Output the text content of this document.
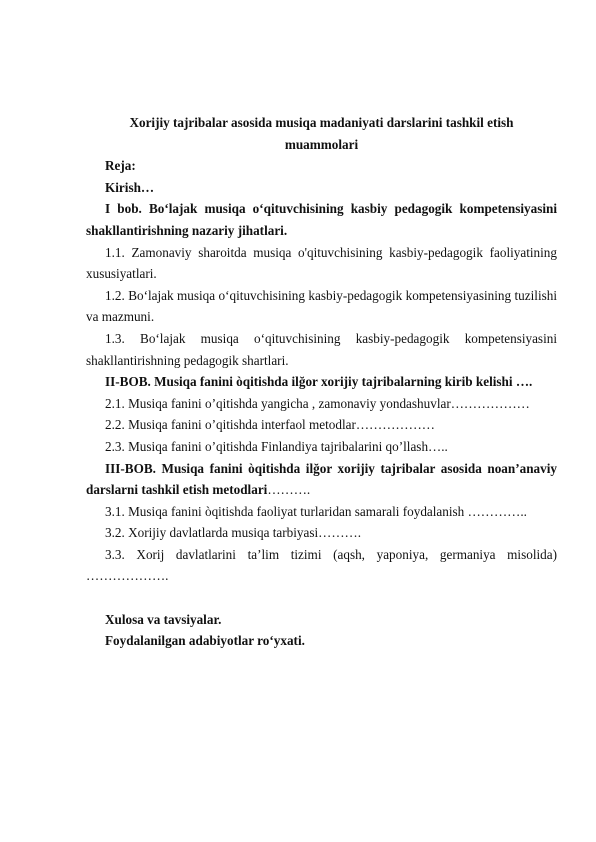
Xorijiy tajribalar asosida musiqa madaniyati darslarini tashkil etish
muammolari

Reja:

Kirish…

I bob. Bo‘lajak musiqa o‘qituvchisining kasbiy pedagogik kompetensiyasini shakllantirishning nazariy jihatlari.

1.1. Zamonaviy sharoitda musiqa o'qituvchisining kasbiy-pedagogik faoliyatining xususiyatlari.

1.2. Bo‘lajak musiqa o‘qituvchisining kasbiy-pedagogik kompetensiyasining tuzilishi va mazmuni.

1.3. Bo‘lajak musiqa o‘qituvchisining kasbiy-pedagogik kompetensiyasini shakllantirishning pedagogik shartlari.

II-BOB. Musiqa fanini òqitishda ilğor xorijiy tajribalarning kirib kelishi ….

2.1. Musiqa fanini o’qitishda yangicha , zamonaviy yondashuvlar………………

2.2. Musiqa fanini o’qitishda interfaol metodlar………………

2.3. Musiqa fanini o’qitishda Finlandiya tajribalarini qo’llash…..

III-BOB. Musiqa fanini òqitishda ilğor xorijiy tajribalar asosida noan’anaviy darslarni tashkil etish metodlari……….

3.1. Musiqa fanini òqitishda faoliyat turlaridan samarali foydalanish …………..

3.2. Xorijiy davlatlarda musiqa tarbiyasi……….

3.3. Xorij davlatlarini ta’lim tizimi (aqsh, yaponiya, germaniya misolida) ……………….

Xulosa va tavsiyalar.

Foydalanilgan adabiyotlar ro‘yxati.
